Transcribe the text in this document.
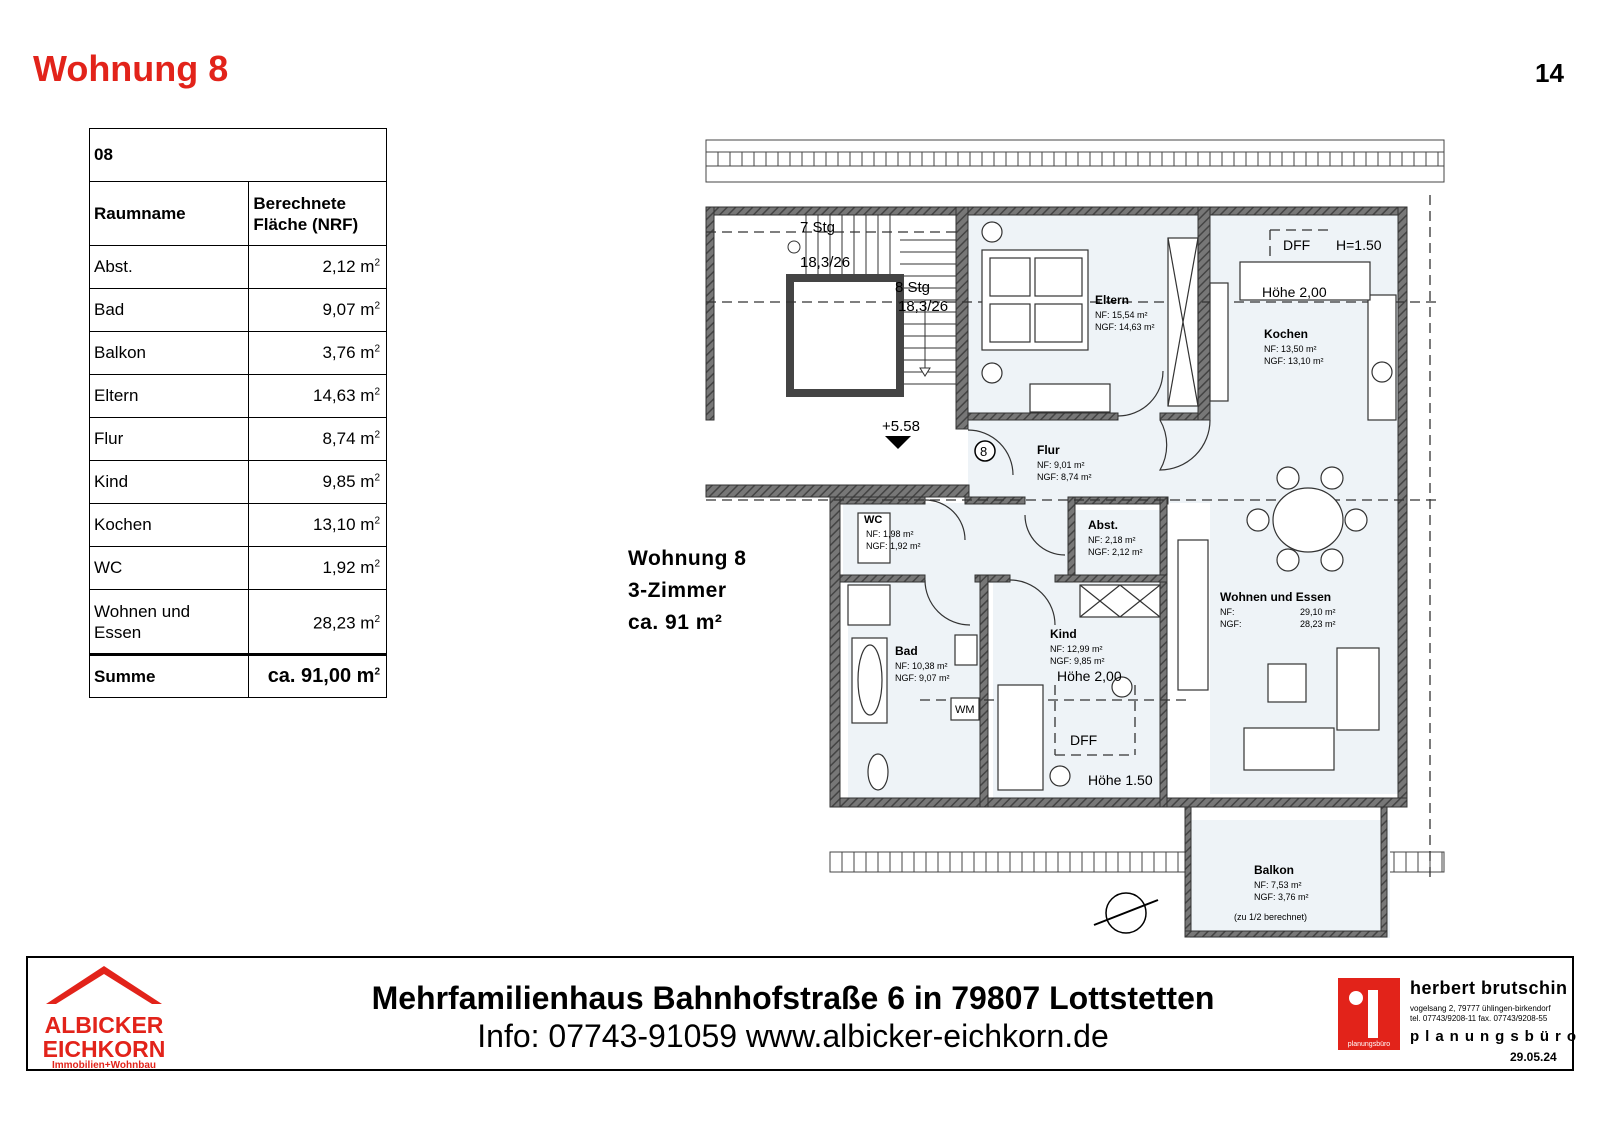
Wohnung 8	14
08	
Raumname	Berechnete
Fläche (NRF)
Abst.	2,12 $m^2$
Bad	9,07 $m^2$
Balkon	3,76 $m^2$
Eltern	14,63 $m^2$
Flur	8,74 $m^2$
Kind	9,85 $m^2$
Kochen	13,10 $m^2$
WC	1,92 $m^2$
Wohnen und
Essen	28,23 $m^2$
Summe	ca. 91,00 $m^2$
7 Stg
18,3/26
8 Stg
18,3/26
+5.58
8
DFF H=1.50
Höhe 2,00
Höhe 2,00
DFF
Höhe 1.50
WM
Eltern
NF: 15,54 m²
NGF: 14,63 m²	Kochen
NF: 13,50 m²
NGF: 13,10 m²
Flur
NF: 9,01 m²
NGF: 8,74 m²
Abst.
NF: 2,18 m²
NGF: 2,12 m²
Wohnen und Essen
NF:	29,10 m²
NGF:	28,23 m²
Bad
NF: 10,38 m²
NGF: 9,07 m²
Kind
NF: 12,99 m²
NGF: 9,85 m²
Balkon
NF: 7,53 m²
NGF: 3,76 m²
(zu 1/2 berechnet)
WC
NF: 1,98 m²
NGF: 1,92 m²
Wohnung 8
3-Zimmer
ca. 91 m²
ALBICKER
EICHKORN
Immobilien+Wohnbau
Mehrfamilienhaus Bahnhofstraße 6 in 79807 Lottstetten
Info: 07743-91059 www.albicker-eichkorn.de	planungsbüro
herbert brutschin
vogelsang 2, 79777 ühlingen-birkendorf
tel. 07743/9208-11 fax. 07743/9208-55
planungsbüro
29.05.24
